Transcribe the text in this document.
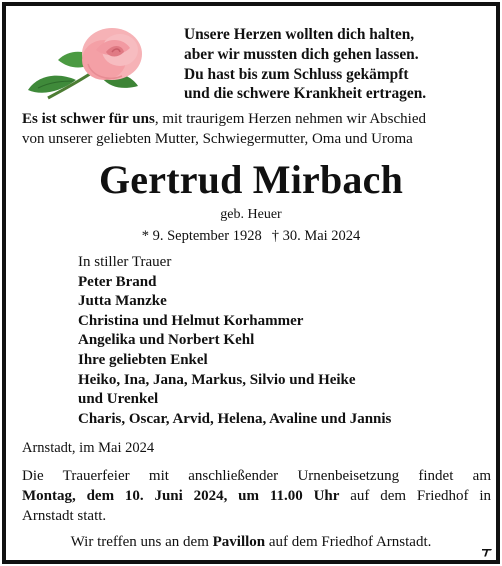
Unsere Herzen wollten dich halten,
aber wir mussten dich gehen lassen.
Du hast bis zum Schluss gekämpft
und die schwere Krankheit ertragen.
Es ist schwer für uns, mit traurigem Herzen nehmen wir Abschied
von unserer geliebten Mutter, Schwiegermutter, Oma und Uroma
Gertrud Mirbach
geb. Heuer
* 9. September 1928 † 30. Mai 2024
In stiller Trauer
Peter Brand
Jutta Manzke
Christina und Helmut Korhammer
Angelika und Norbert Kehl
Ihre geliebten Enkel
Heiko, Ina, Jana, Markus, Silvio und Heike
und Urenkel
Charis, Oscar, Arvid, Helena, Avaline und Jannis
Arnstadt, im Mai 2024
Die Trauerfeier mit anschließender Urnenbeisetzung findet am
Montag, dem 10. Juni 2024, um 11.00 Uhr auf dem Friedhof in
Arnstadt statt.
Wir treffen uns an dem Pavillon auf dem Friedhof Arnstadt.
